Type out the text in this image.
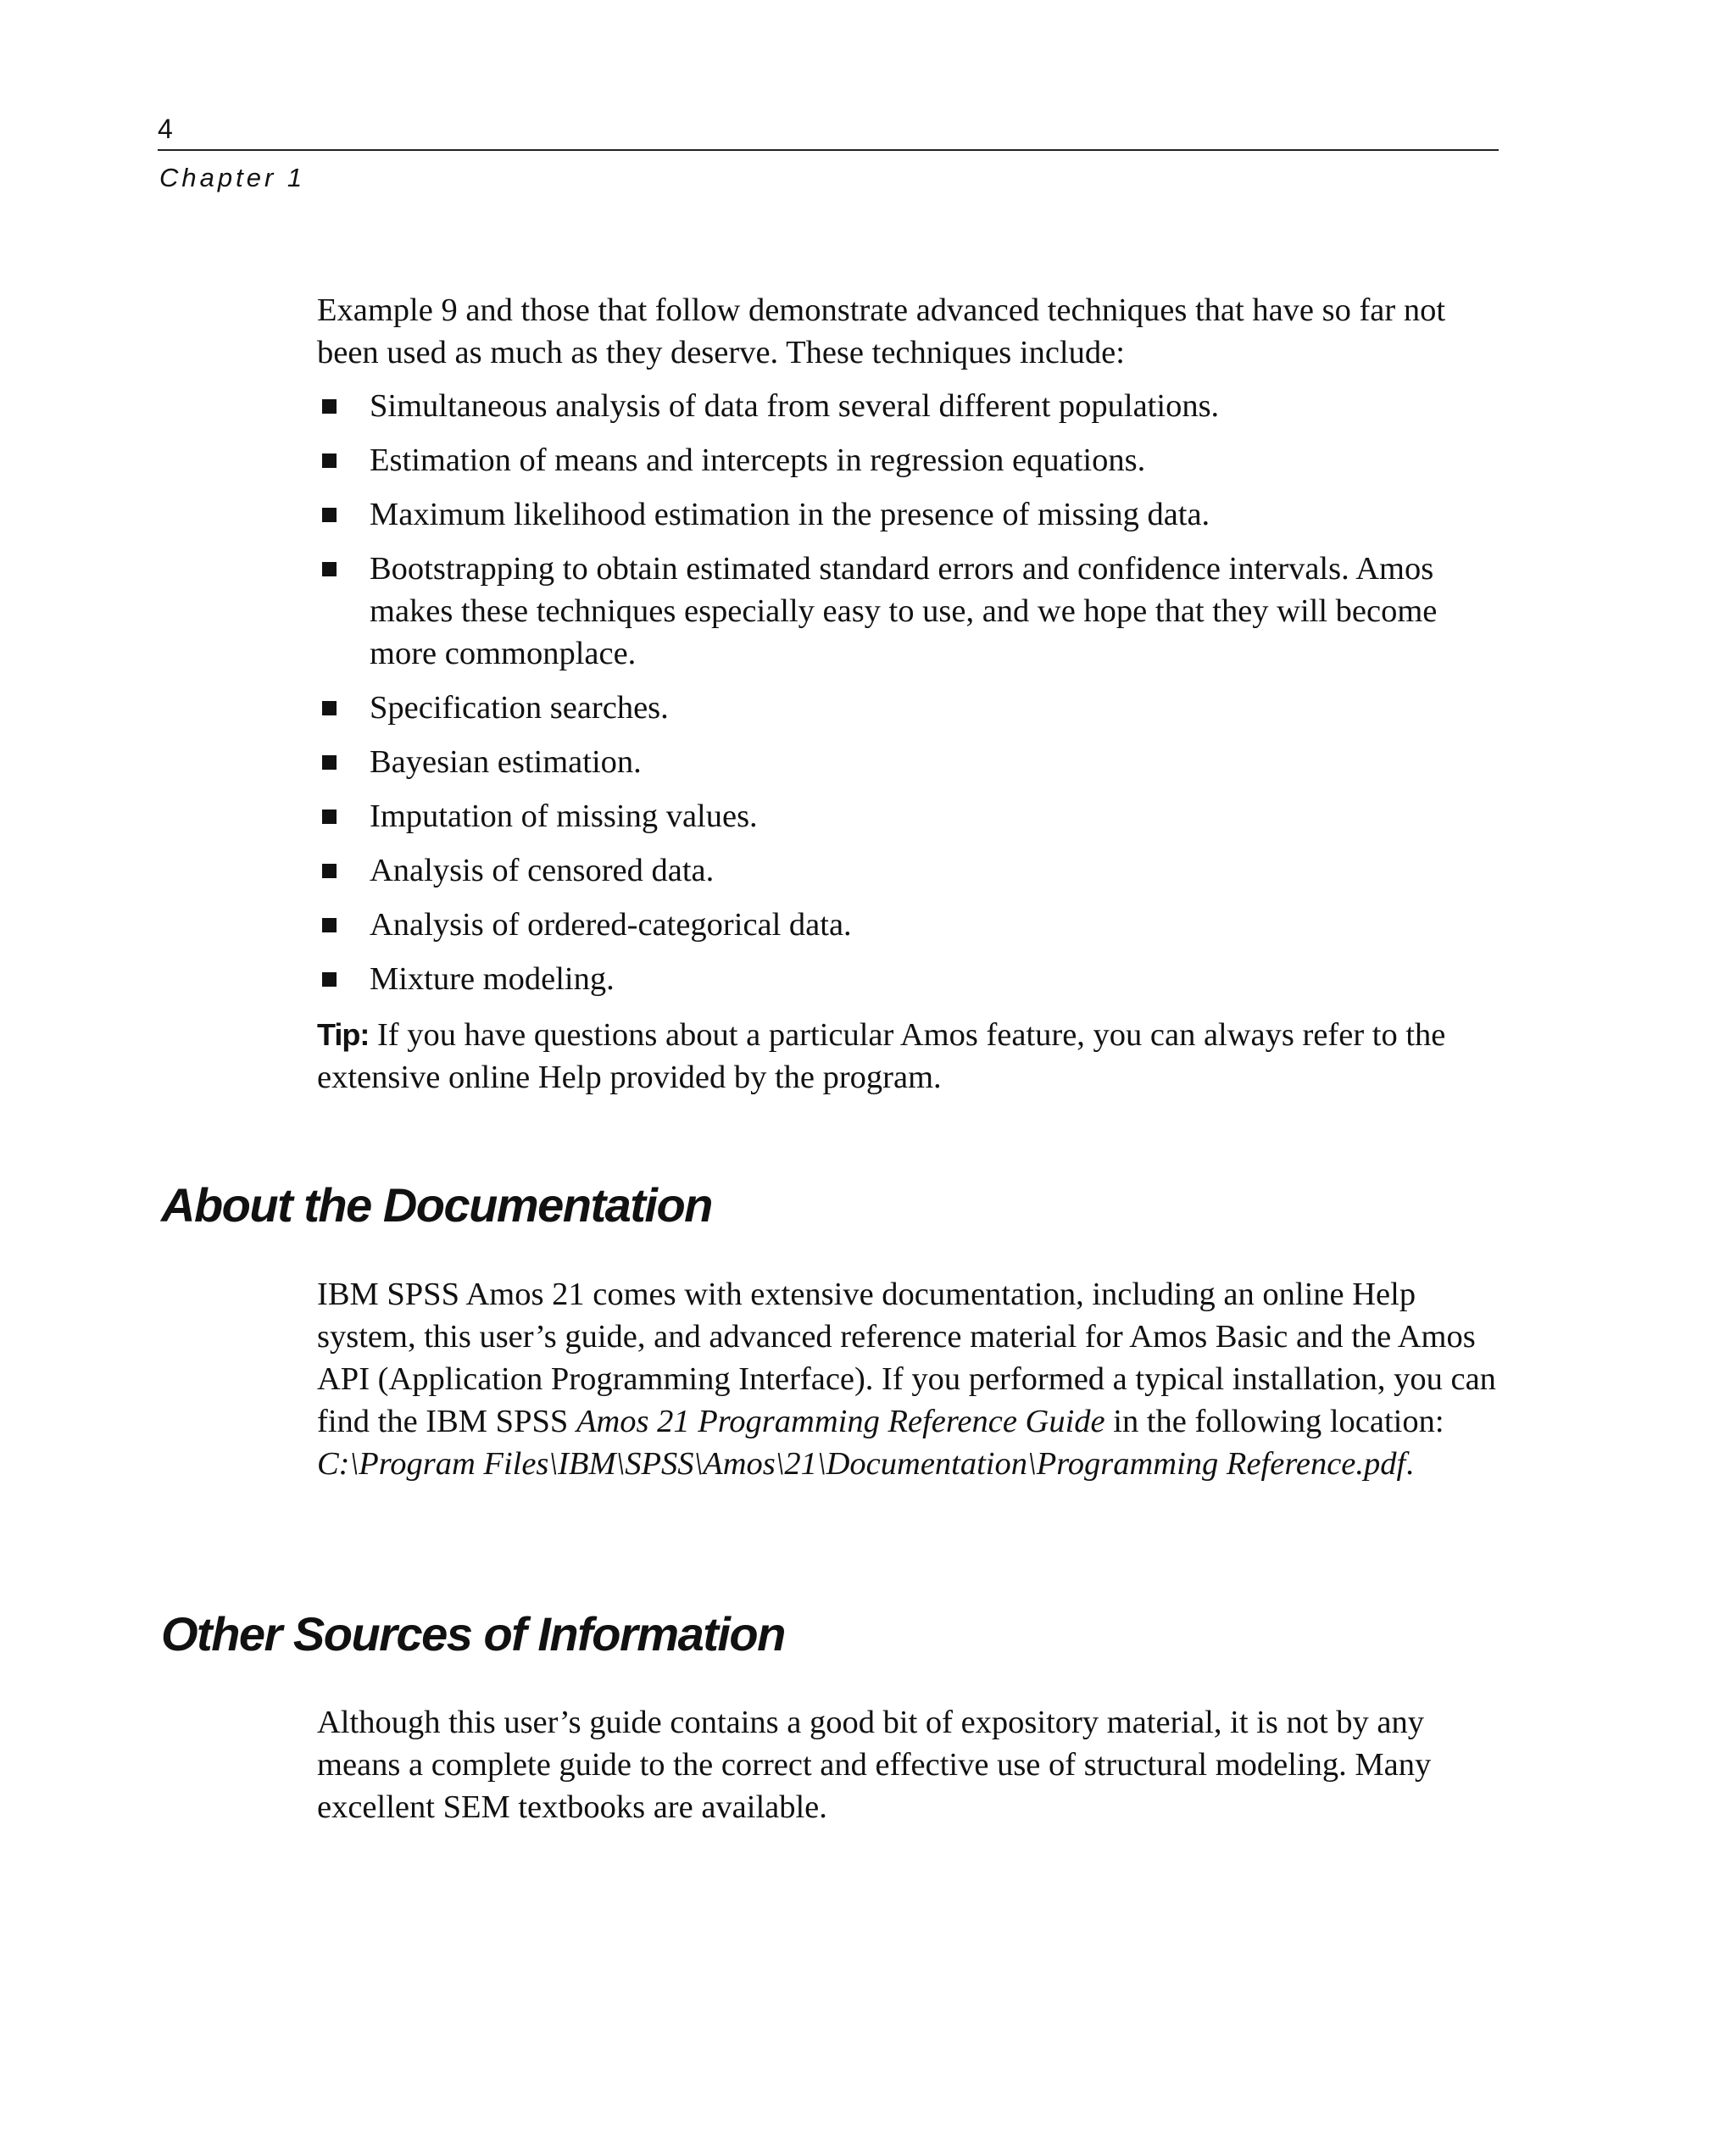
4
Chapter 1

Example 9 and those that follow demonstrate advanced techniques that have so far not been used as much as they deserve. These techniques include:

Simultaneous analysis of data from several different populations.
Estimation of means and intercepts in regression equations.
Maximum likelihood estimation in the presence of missing data.
Bootstrapping to obtain estimated standard errors and confidence intervals. Amos makes these techniques especially easy to use, and we hope that they will become more commonplace.
Specification searches.
Bayesian estimation.
Imputation of missing values.
Analysis of censored data.
Analysis of ordered-categorical data.
Mixture modeling.

Tip: If you have questions about a particular Amos feature, you can always refer to the extensive online Help provided by the program.

About the Documentation

IBM SPSS Amos 21 comes with extensive documentation, including an online Help system, this user’s guide, and advanced reference material for Amos Basic and the Amos API (Application Programming Interface). If you performed a typical installation, you can find the IBM SPSS Amos 21 Programming Reference Guide in the following location: C:\Program Files\IBM\SPSS\Amos\21\Documentation\Programming Reference.pdf.

Other Sources of Information

Although this user’s guide contains a good bit of expository material, it is not by any means a complete guide to the correct and effective use of structural modeling. Many excellent SEM textbooks are available.
